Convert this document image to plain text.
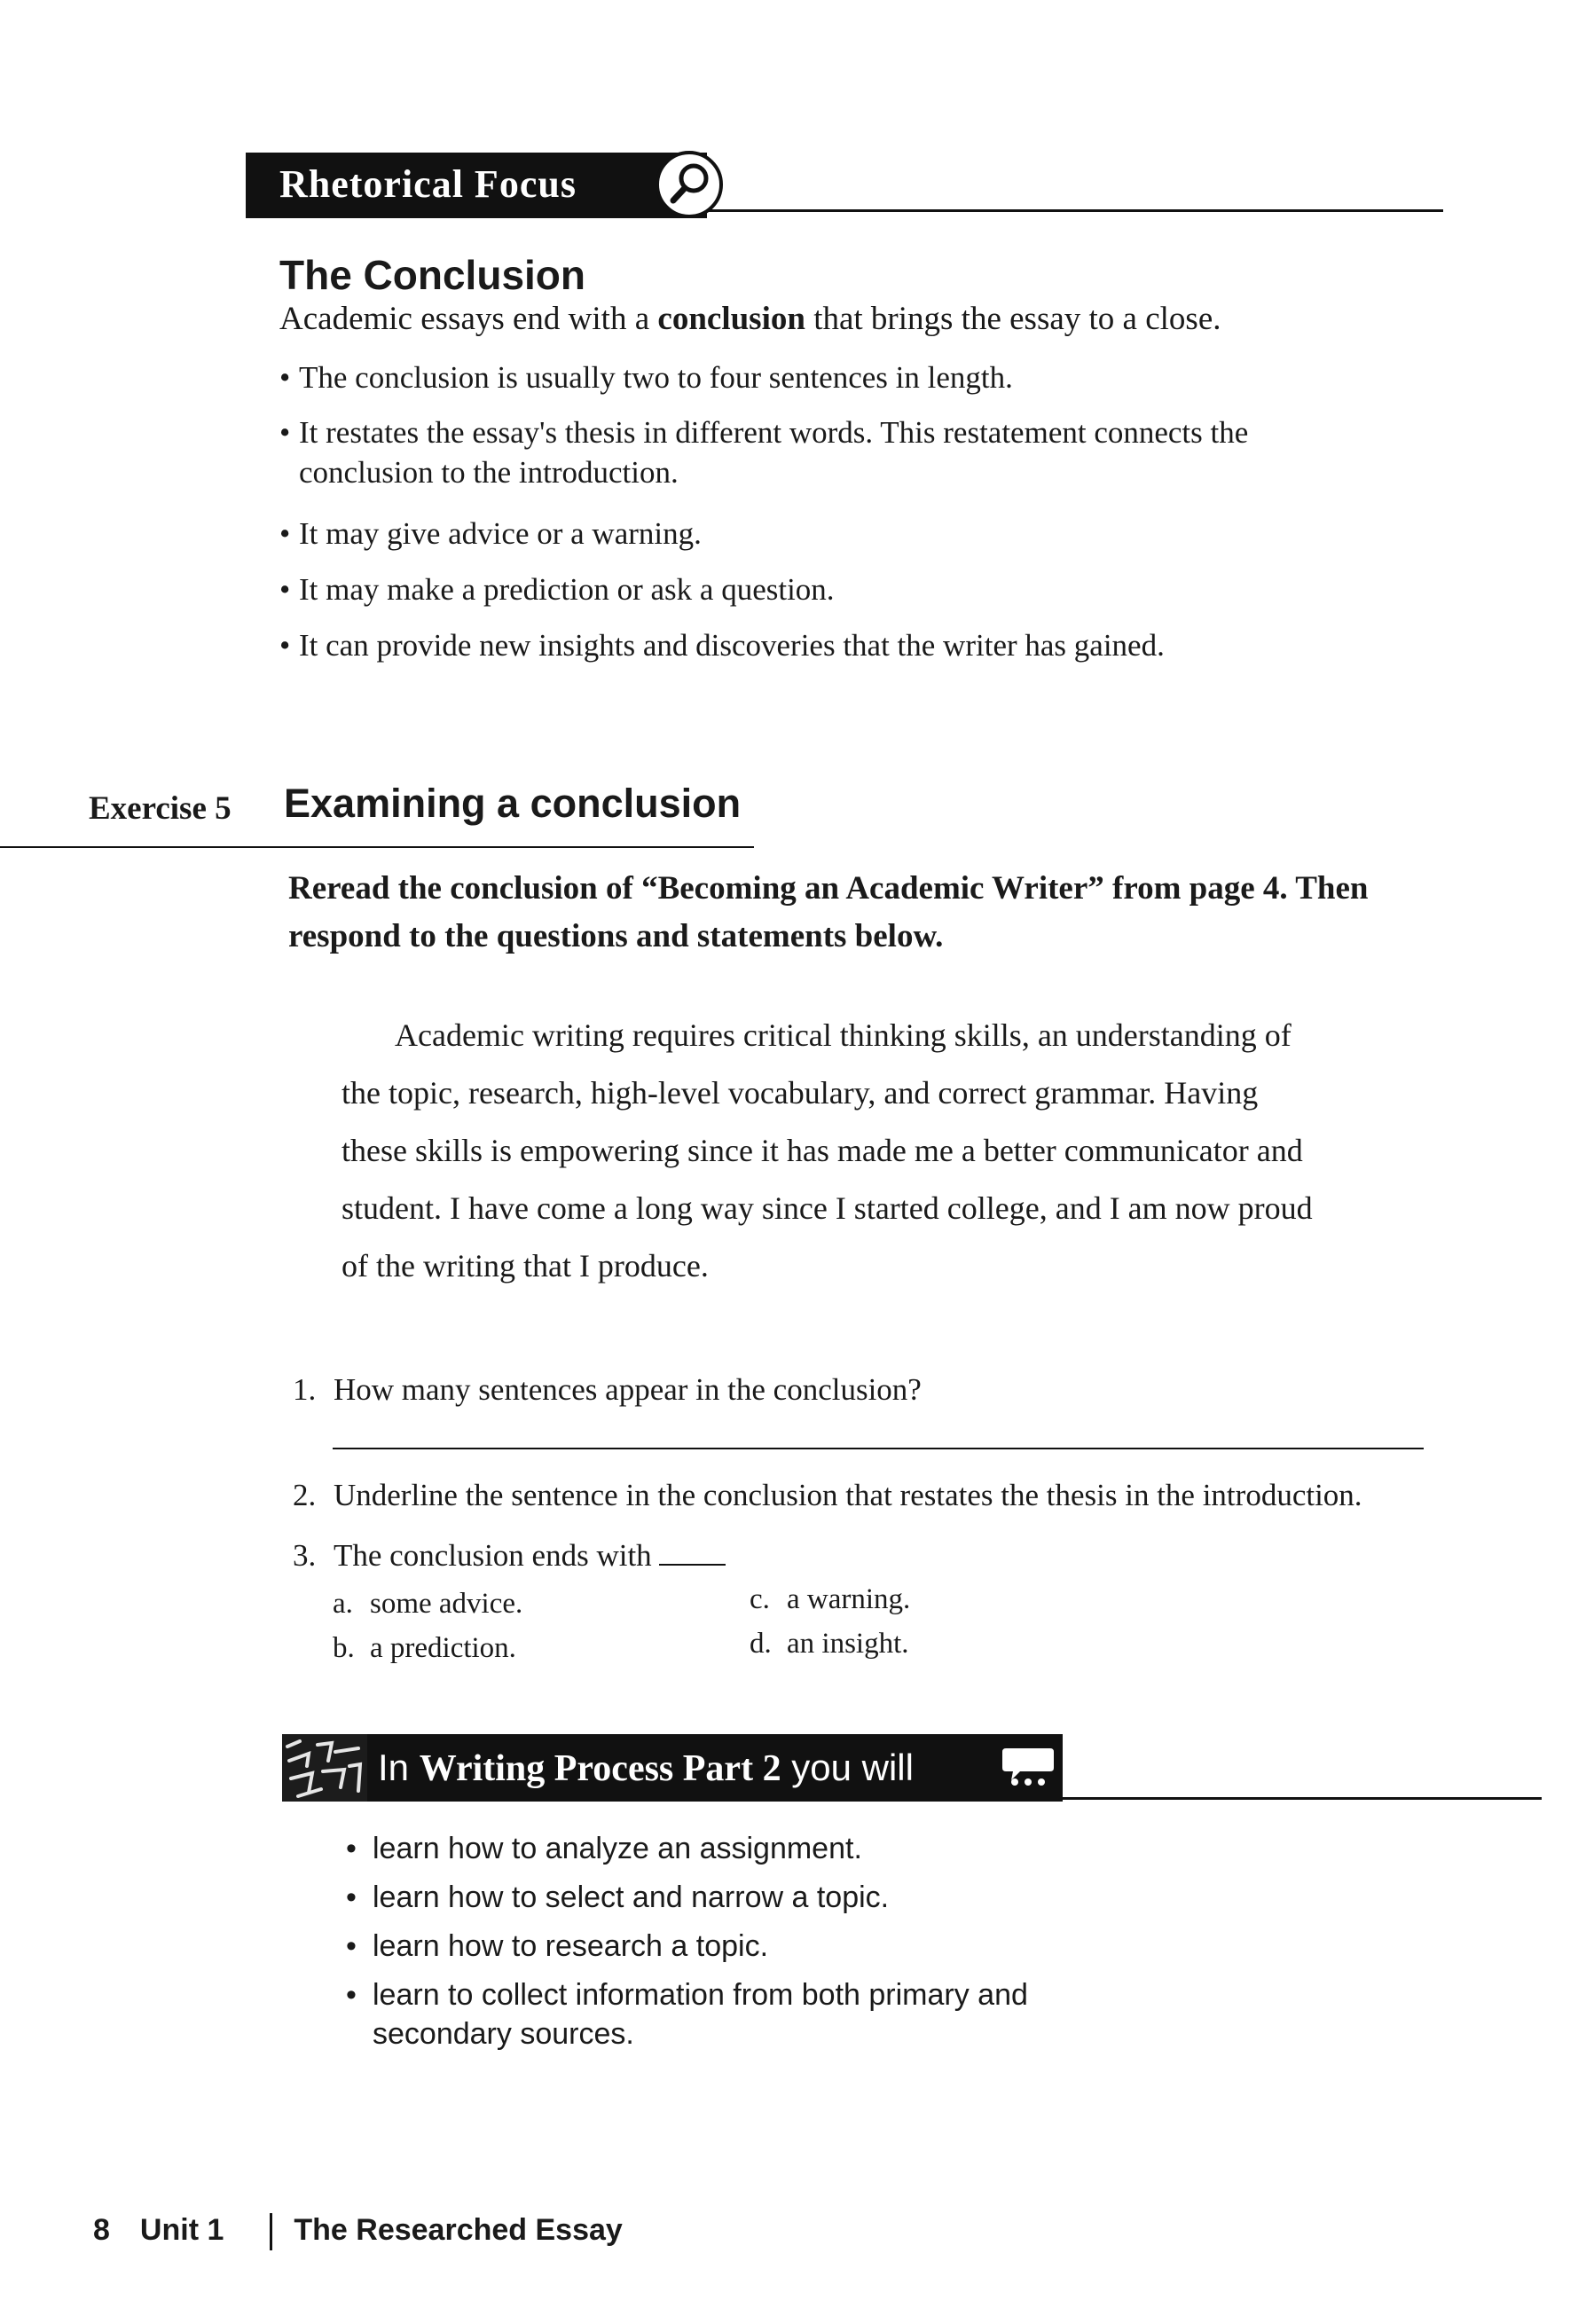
Rhetorical Focus
The Conclusion
Academic essays end with a conclusion that brings the essay to a close.
• The conclusion is usually two to four sentences in length.
• It restates the essay's thesis in different words. This restatement connects the
conclusion to the introduction.
• It may give advice or a warning.
• It may make a prediction or ask a question.
• It can provide new insights and discoveries that the writer has gained.
Exercise 5 Examining a conclusion
Reread the conclusion of “Becoming an Academic Writer” from page 4. Then
respond to the questions and statements below.
Academic writing requires critical thinking skills, an understanding of
the topic, research, high-level vocabulary, and correct grammar. Having
these skills is empowering since it has made me a better communicator and
student. I have come a long way since I started college, and I am now proud
of the writing that I produce.
1. How many sentences appear in the conclusion?
2. Underline the sentence in the conclusion that restates the thesis in the introduction.
3. The conclusion ends with
a. some advice.
b. a prediction.
c. a warning.
d. an insight.
In Writing Process Part 2 you will
• learn how to analyze an assignment.
• learn how to select and narrow a topic.
• learn how to research a topic.
• learn to collect information from both primary and
secondary sources.
8 Unit 1 The Researched Essay
